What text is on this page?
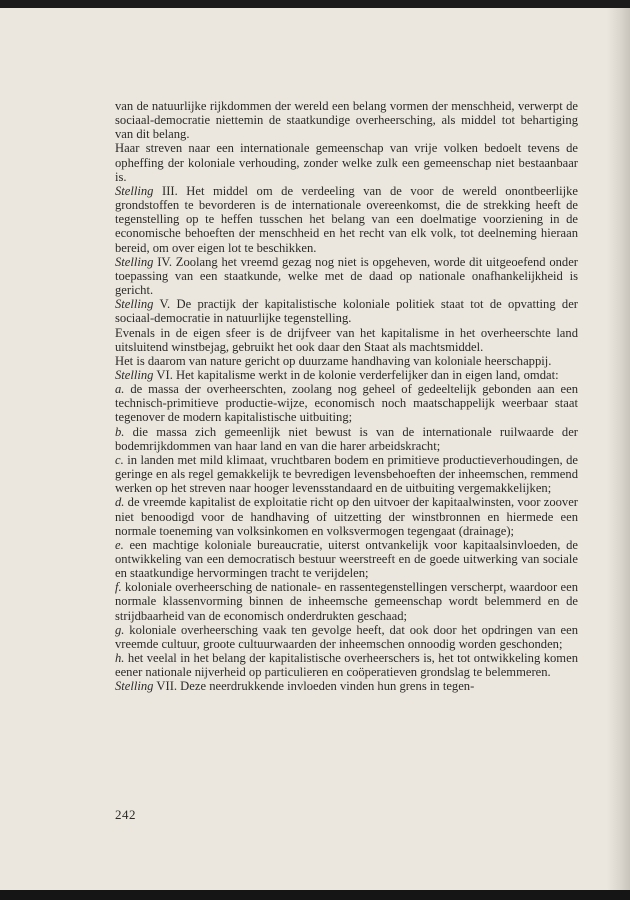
van de natuurlijke rijkdommen der wereld een belang vormen der menschheid, verwerpt de sociaal-democratie niettemin de staatkundige overheersching, als middel tot behartiging van dit belang.

Haar streven naar een internationale gemeenschap van vrije volken bedoelt tevens de opheffing der koloniale verhouding, zonder welke zulk een gemeenschap niet bestaanbaar is.

Stelling III. Het middel om de verdeeling van de voor de wereld onontbeerlijke grondstoffen te bevorderen is de internationale overeenkomst, die de strekking heeft de tegenstelling op te heffen tusschen het belang van een doelmatige voorziening in de economische behoeften der menschheid en het recht van elk volk, tot deelneming hieraan bereid, om over eigen lot te beschikken.

Stelling IV. Zoolang het vreemd gezag nog niet is opgeheven, worde dit uitgeoefend onder toepassing van een staatkunde, welke met de daad op nationale onafhankelijkheid is gericht.

Stelling V. De practijk der kapitalistische koloniale politiek staat tot de opvatting der sociaal-democratie in natuurlijke tegenstelling.

Evenals in de eigen sfeer is de drijfveer van het kapitalisme in het overheerschte land uitsluitend winstbejag, gebruikt het ook daar den Staat als machtsmiddel.

Het is daarom van nature gericht op duurzame handhaving van koloniale heerschappij.

Stelling VI. Het kapitalisme werkt in de kolonie verderfelijker dan in eigen land, omdat:

a. de massa der overheerschten, zoolang nog geheel of gedeeltelijk gebonden aan een technisch-primitieve productie-wijze, economisch noch maatschappelijk weerbaar staat tegenover de modern kapitalistische uitbuiting;

b. die massa zich gemeenlijk niet bewust is van de internationale ruilwaarde der bodemrijkdommen van haar land en van die harer arbeidskracht;

c. in landen met mild klimaat, vruchtbaren bodem en primitieve productieverhoudingen, de geringe en als regel gemakkelijk te bevredigen levensbehoeften der inheemschen, remmend werken op het streven naar hooger levensstandaard en de uitbuiting vergemakkelijken;

d. de vreemde kapitalist de exploitatie richt op den uitvoer der kapitaalwinsten, voor zoover niet benoodigd voor de handhaving of uitzetting der winstbronnen en hiermede een normale toeneming van volksinkomen en volksvermogen tegengaat (drainage);

e. een machtige koloniale bureaucratie, uiterst ontvankelijk voor kapitaalsinvloeden, de ontwikkeling van een democratisch bestuur weerstreeft en de goede uitwerking van sociale en staatkundige hervormingen tracht te verijdelen;

f. koloniale overheersching de nationale- en rassentegenstellingen verscherpt, waardoor een normale klassenvorming binnen de inheemsche gemeenschap wordt belemmerd en de strijdbaarheid van de economisch onderdrukten geschaad;

g. koloniale overheersching vaak ten gevolge heeft, dat ook door het opdringen van een vreemde cultuur, groote cultuurwaarden der inheemschen onnoodig worden geschonden;

h. het veelal in het belang der kapitalistische overheerschers is, het tot ontwikkeling komen eener nationale nijverheid op particulieren en coöperatieven grondslag te belemmeren.

Stelling VII. Deze neerdrukkende invloeden vinden hun grens in tegen-

242
